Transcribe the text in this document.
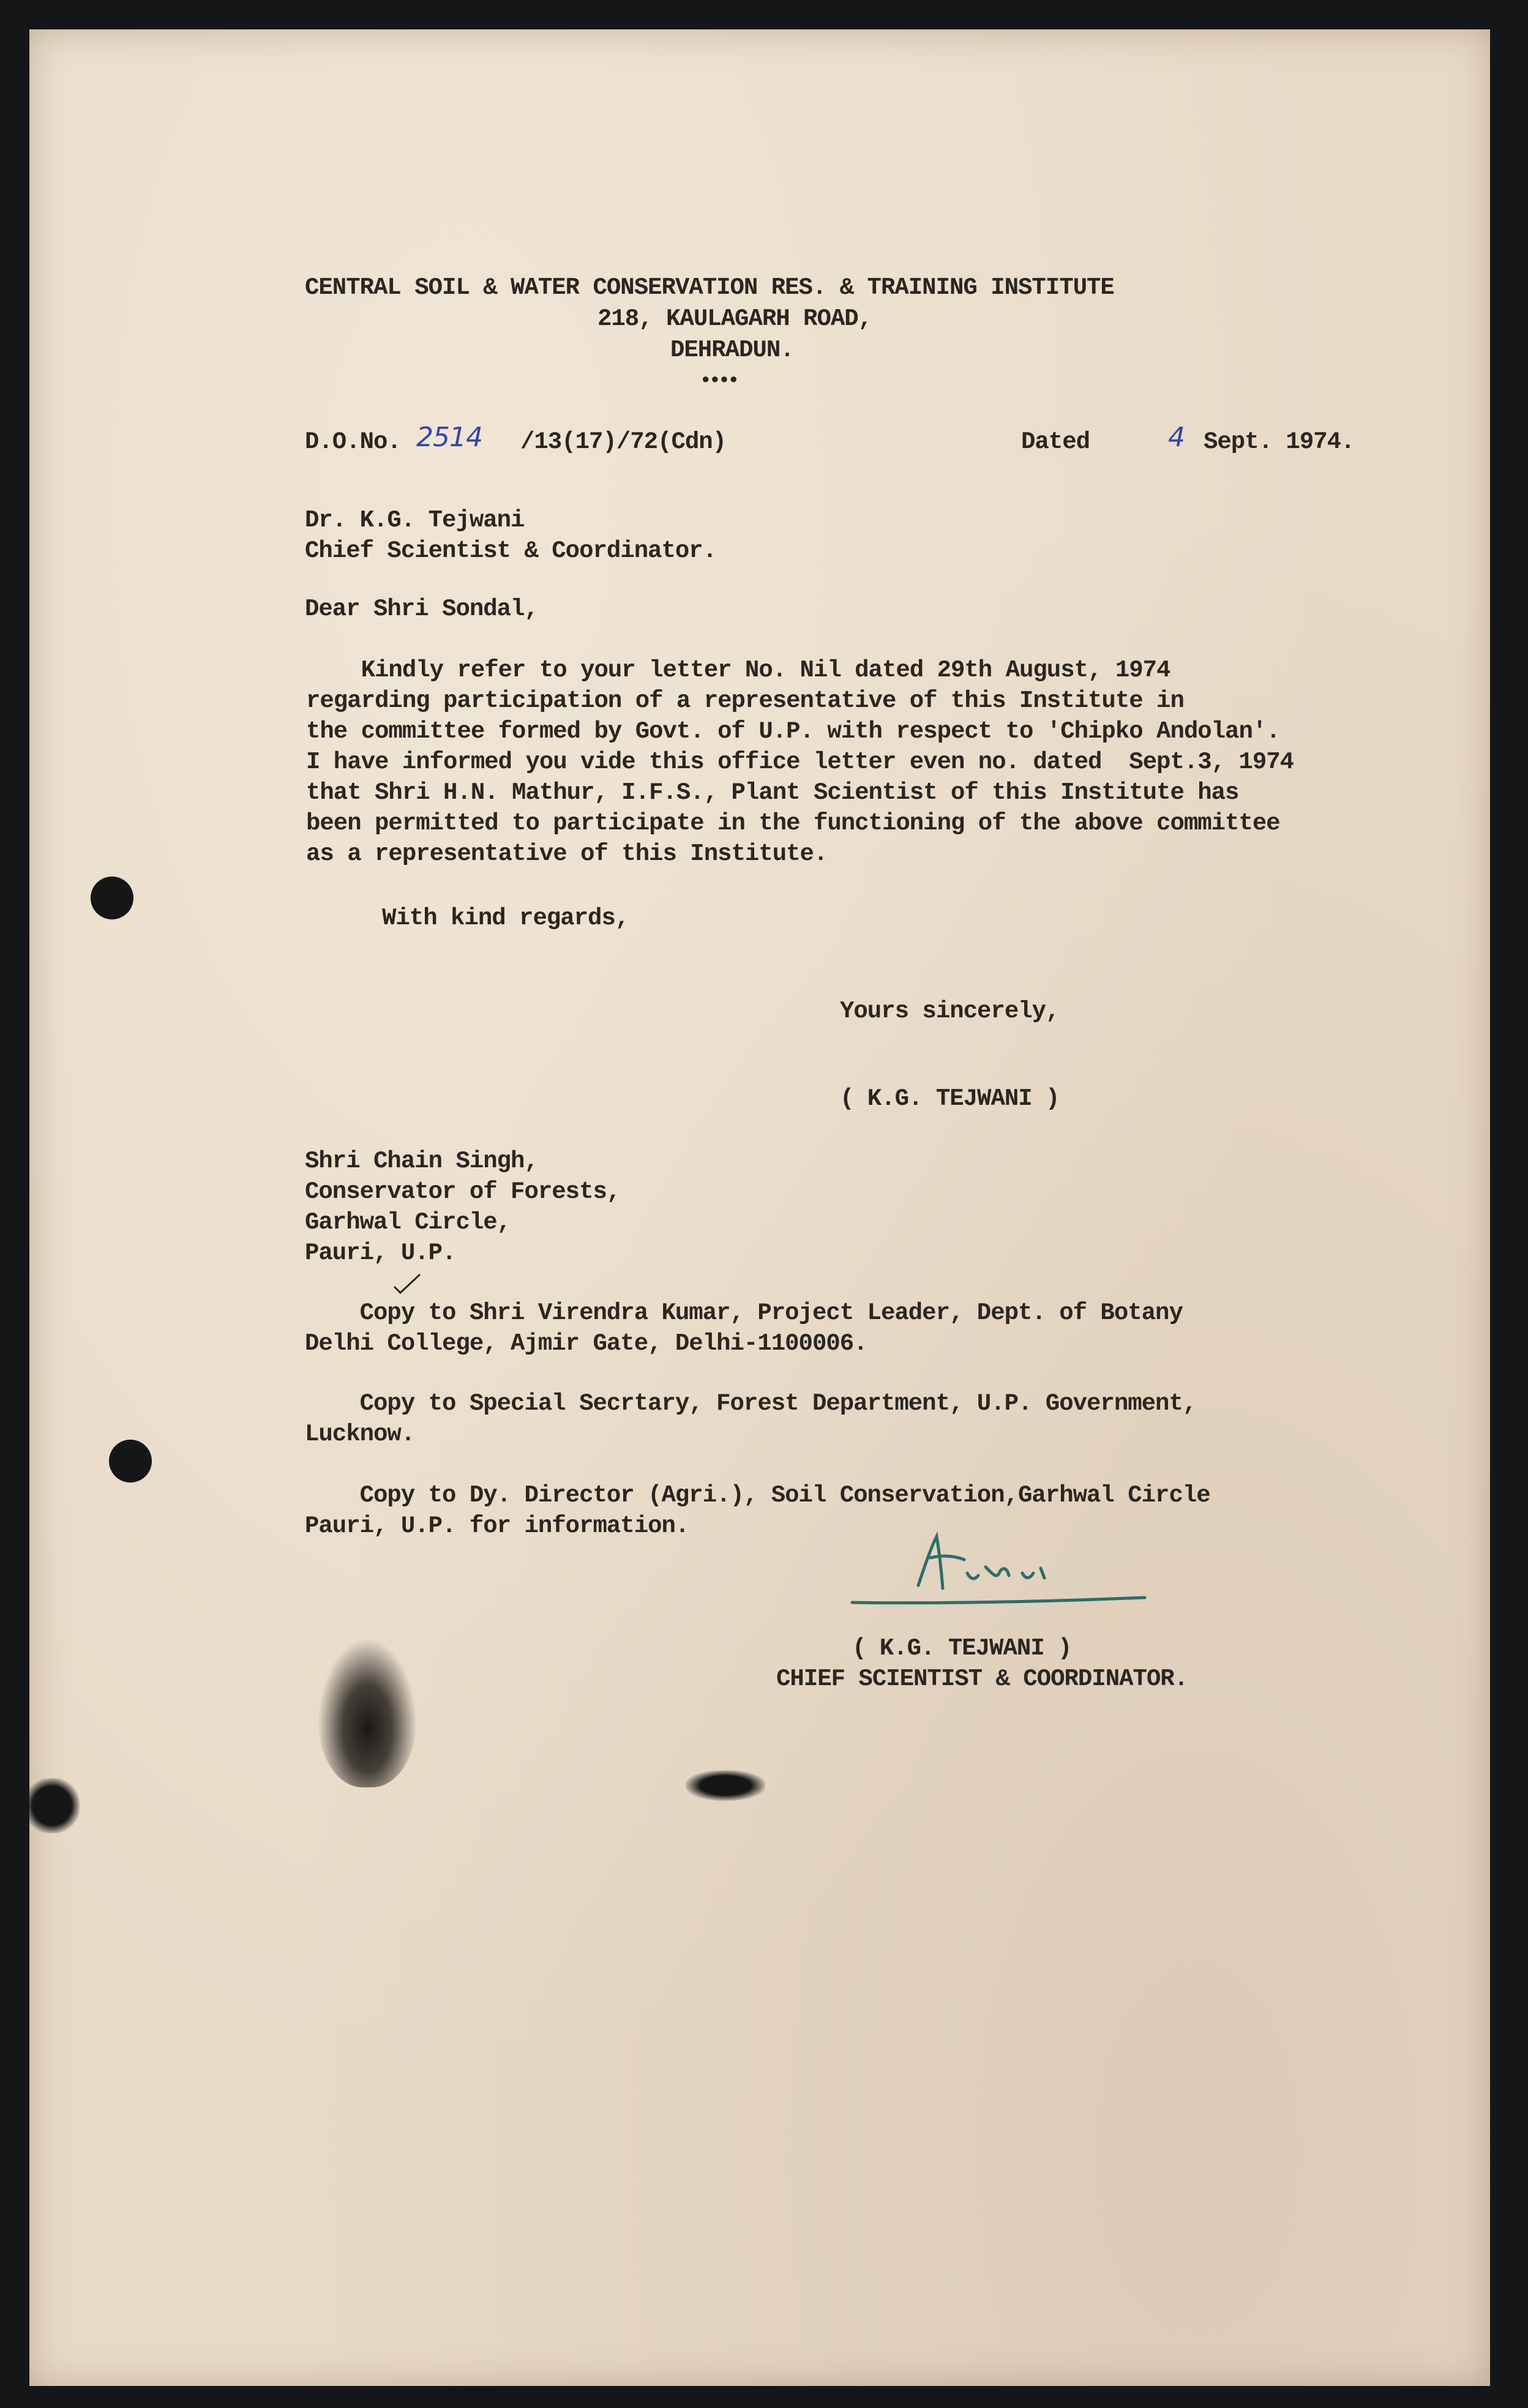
CENTRAL SOIL & WATER CONSERVATION RES. & TRAINING INSTITUTE
218, KAULAGARH ROAD,
DEHRADUN.
●●●●
D.O.No. 2514 /13(17)/72(Cdn)	Dated	4 Sept. 1974.
Dr. K.G. Tejwani
Chief Scientist & Coordinator.
Dear Shri Sondal,
Kindly refer to your letter No. Nil dated 29th August, 1974
regarding participation of a representative of this Institute in
the committee formed by Govt. of U.P. with respect to 'Chipko Andolan'.
I have informed you vide this office letter even no. dated  Sept.3, 1974
that Shri H.N. Mathur, I.F.S., Plant Scientist of this Institute has
been permitted to participate in the functioning of the above committee
as a representative of this Institute.
With kind regards,
Yours sincerely,
( K.G. TEJWANI )
Shri Chain Singh,
Conservator of Forests,
Garhwal Circle,
Pauri, U.P.
Copy to Shri Virendra Kumar, Project Leader, Dept. of Botany
Delhi College, Ajmir Gate, Delhi-1100006.
Copy to Special Secrtary, Forest Department, U.P. Government,
Lucknow.
Copy to Dy. Director (Agri.), Soil Conservation,Garhwal Circle
Pauri, U.P. for information.
( K.G. TEJWANI )
CHIEF SCIENTIST & COORDINATOR.
